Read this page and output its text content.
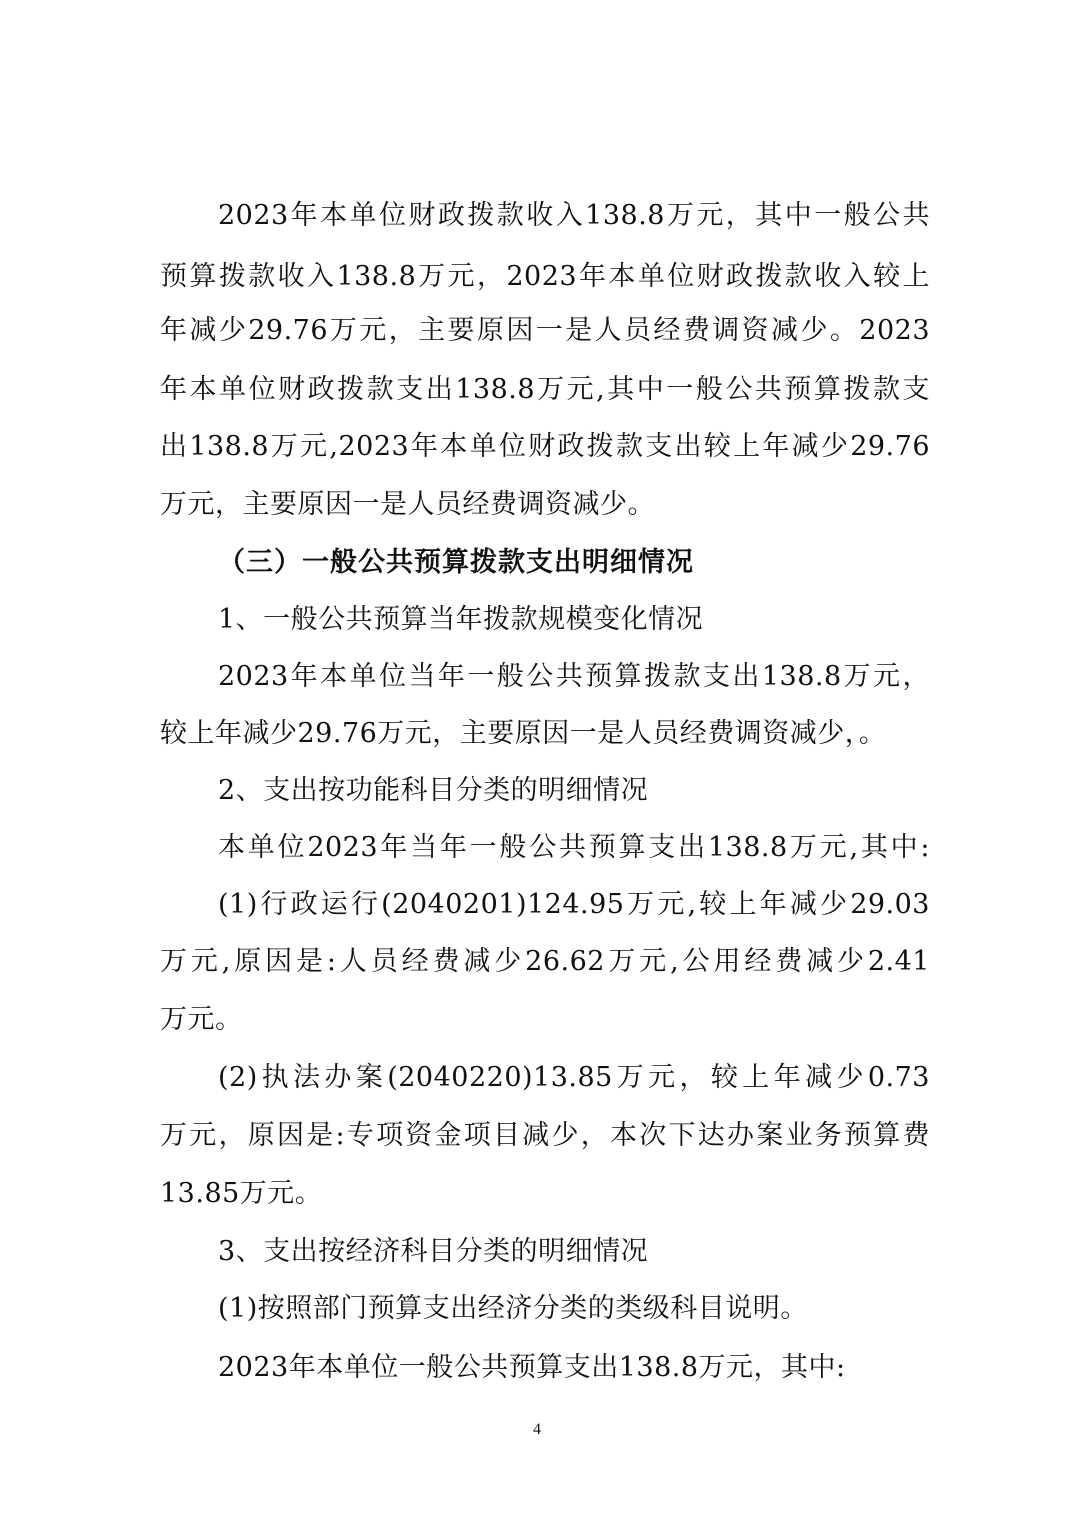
2023年本单位财政拨款收入138.8万元，其中一般公共
预算拨款收入138.8万元，2023年本单位财政拨款收入较上
年减少29.76万元，主要原因一是人员经费调资减少。2023
年本单位财政拨款支出138.8万元,其中一般公共预算拨款支
出138.8万元,2023年本单位财政拨款支出较上年减少29.76
万元，主要原因一是人员经费调资减少。
（三）一般公共预算拨款支出明细情况
1、一般公共预算当年拨款规模变化情况
2023年本单位当年一般公共预算拨款支出138.8万元，
较上年减少29.76万元，主要原因一是人员经费调资减少，。
2、支出按功能科目分类的明细情况
本单位2023年当年一般公共预算支出138.8万元,其中:
(1)行政运行(2040201)124.95万元,较上年减少29.03
万元,原因是:人员经费减少26.62万元,公用经费减少2.41
万元。
(2)执法办案(2040220)13.85万元，较上年减少0.73
万元，原因是:专项资金项目减少，本次下达办案业务预算费
13.85万元。
3、支出按经济科目分类的明细情况
(1)按照部门预算支出经济分类的类级科目说明。
2023年本单位一般公共预算支出138.8万元，其中:
4
